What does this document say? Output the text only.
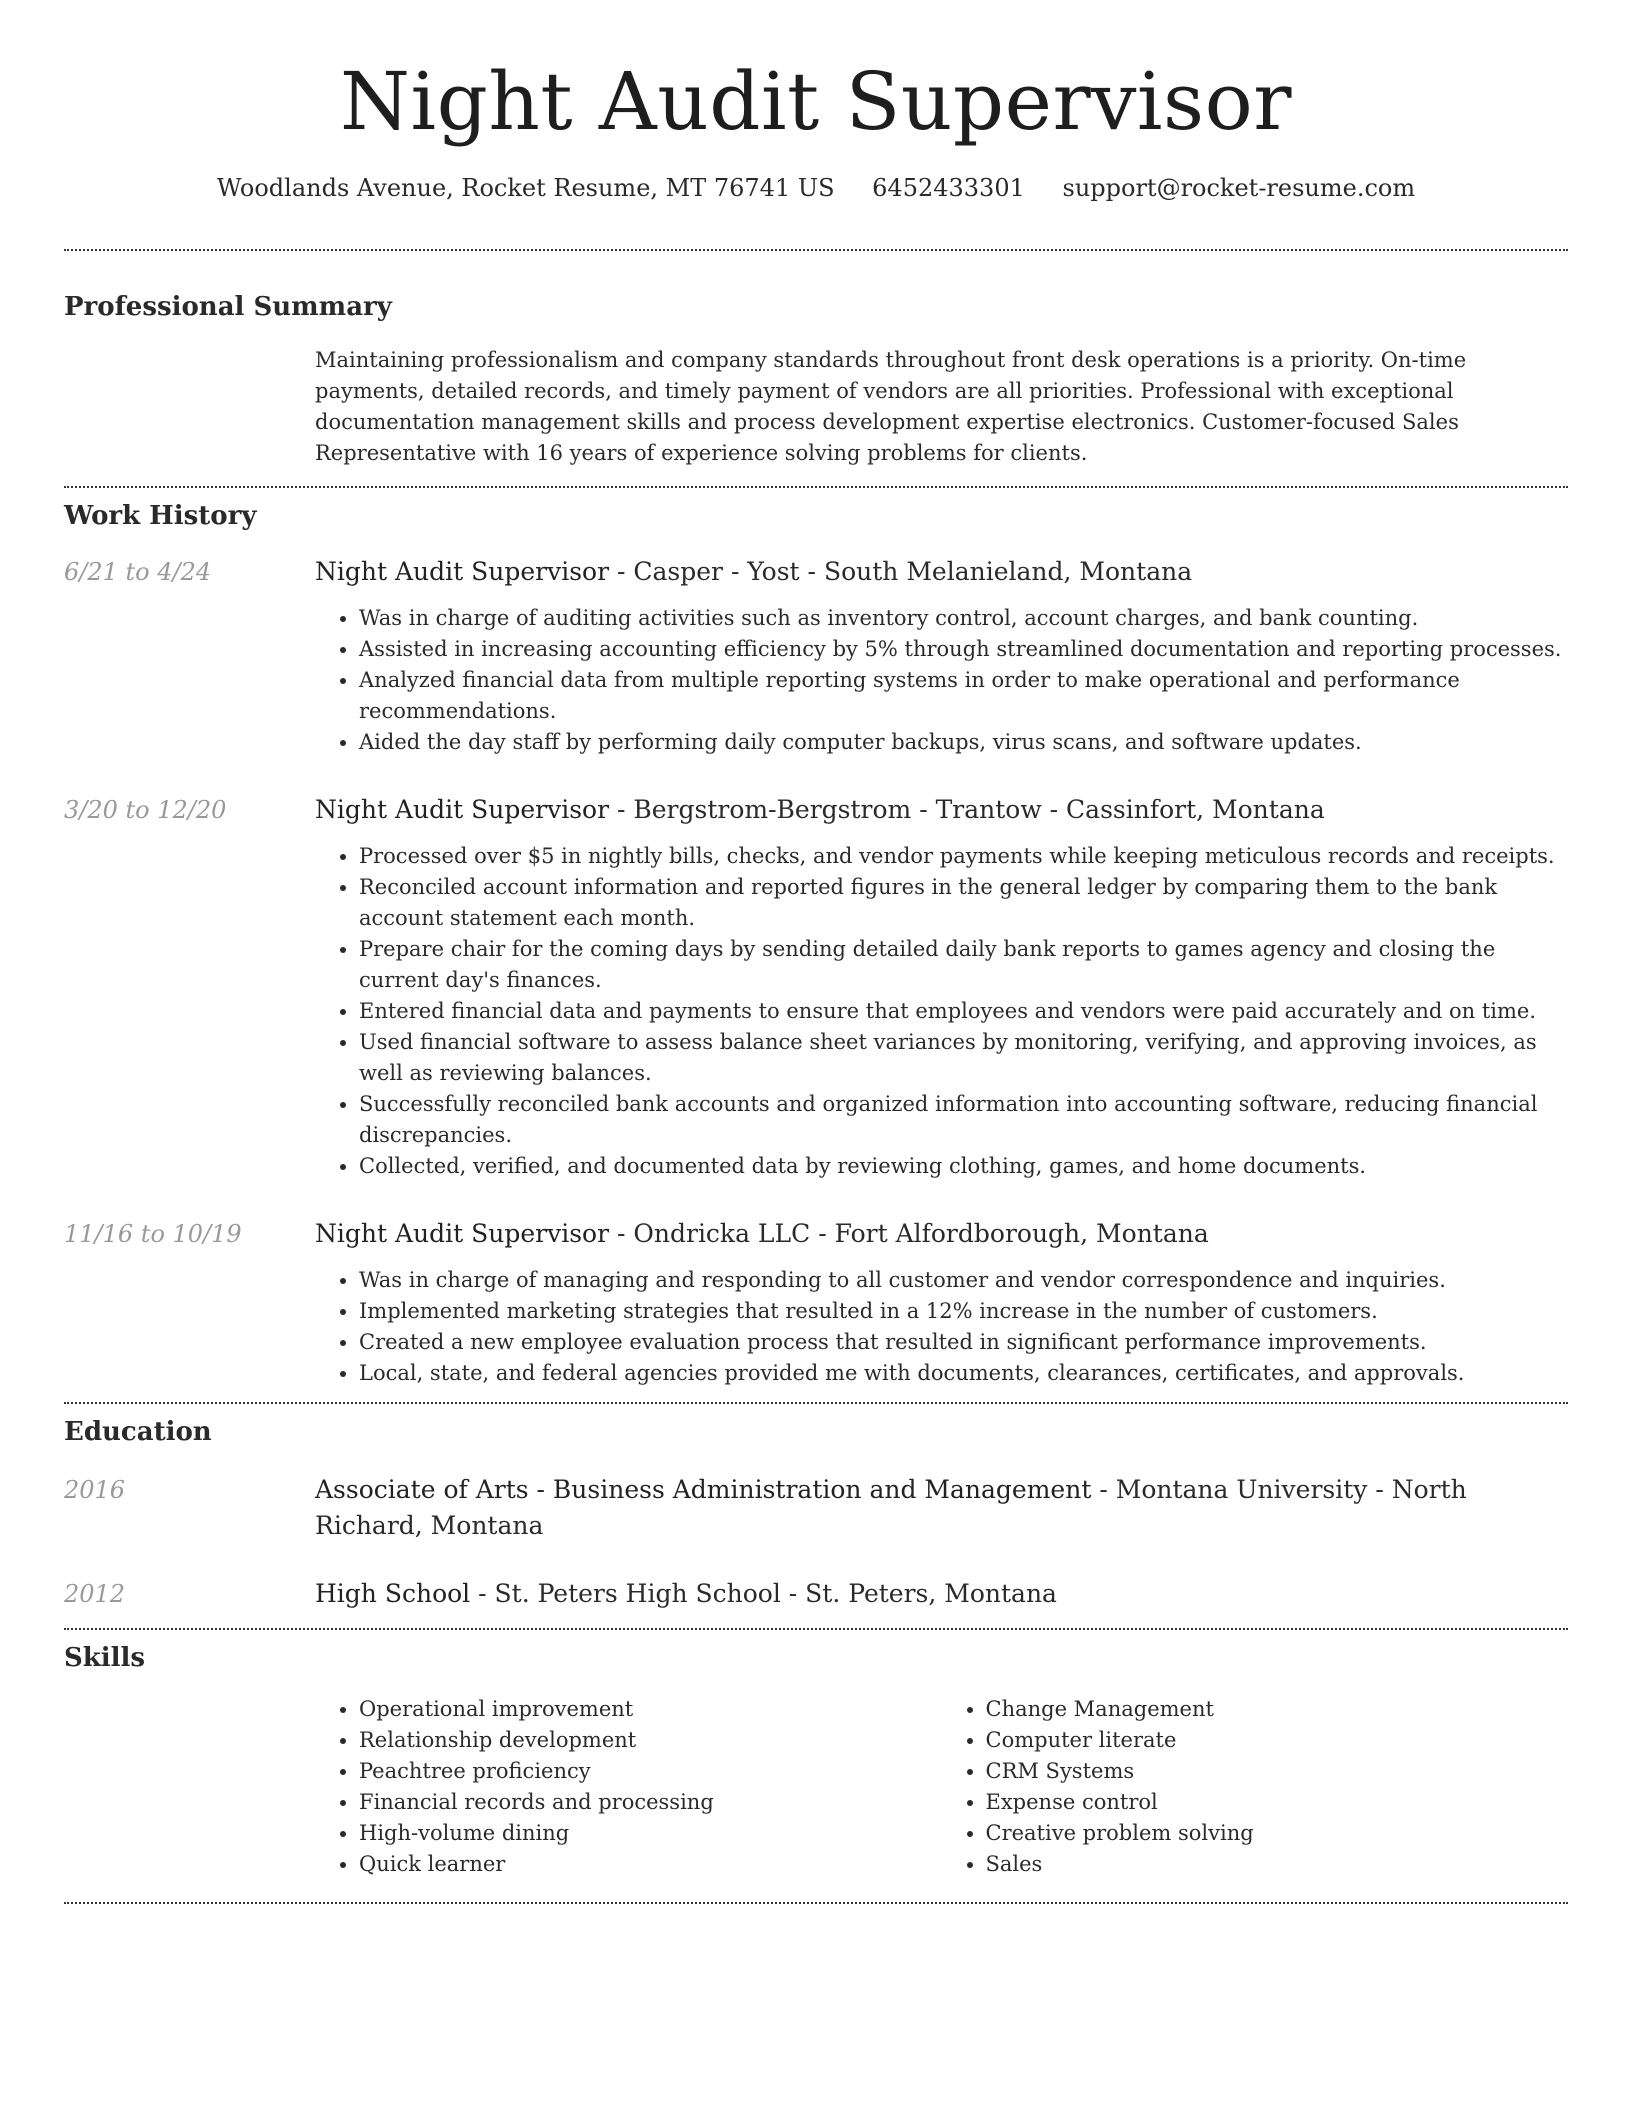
Night Audit Supervisor
Woodlands Avenue, Rocket Resume, MT 76741 US 6452433301 support@rocket-resume.com
Professional Summary

Maintaining professionalism and company standards throughout front desk operations is a priority. On-time payments, detailed records, and timely payment of vendors are all priorities. Professional with exceptional documentation management skills and process development expertise electronics. Customer-focused Sales Representative with 16 years of experience solving problems for clients.

Work History
6/21 to 4/24	Night Audit Supervisor - Casper - Yost - South Melanieland, Montana
• Was in charge of auditing activities such as inventory control, account charges, and bank counting.
• Assisted in increasing accounting efficiency by 5% through streamlined documentation and reporting processes.
• Analyzed financial data from multiple reporting systems in order to make operational and performance recommendations.
• Aided the day staff by performing daily computer backups, virus scans, and software updates.
3/20 to 12/20	Night Audit Supervisor - Bergstrom-Bergstrom - Trantow - Cassinfort, Montana
• Processed over $5 in nightly bills, checks, and vendor payments while keeping meticulous records and receipts.
• Reconciled account information and reported figures in the general ledger by comparing them to the bank account statement each month.
• Prepare chair for the coming days by sending detailed daily bank reports to games agency and closing the current day's finances.
• Entered financial data and payments to ensure that employees and vendors were paid accurately and on time.
• Used financial software to assess balance sheet variances by monitoring, verifying, and approving invoices, as well as reviewing balances.
• Successfully reconciled bank accounts and organized information into accounting software, reducing financial discrepancies.
• Collected, verified, and documented data by reviewing clothing, games, and home documents.
11/16 to 10/19	Night Audit Supervisor - Ondricka LLC - Fort Alfordborough, Montana
• Was in charge of managing and responding to all customer and vendor correspondence and inquiries.
• Implemented marketing strategies that resulted in a 12% increase in the number of customers.
• Created a new employee evaluation process that resulted in significant performance improvements.
• Local, state, and federal agencies provided me with documents, clearances, certificates, and approvals.
Education
2016	Associate of Arts - Business Administration and Management - Montana University - North Richard, Montana
2012	High School - St. Peters High School - St. Peters, Montana
Skills
• Operational improvement
• Relationship development
• Peachtree proficiency
• Financial records and processing
• High-volume dining
• Quick learner
• Change Management
• Computer literate
• CRM Systems
• Expense control
• Creative problem solving
• Sales
